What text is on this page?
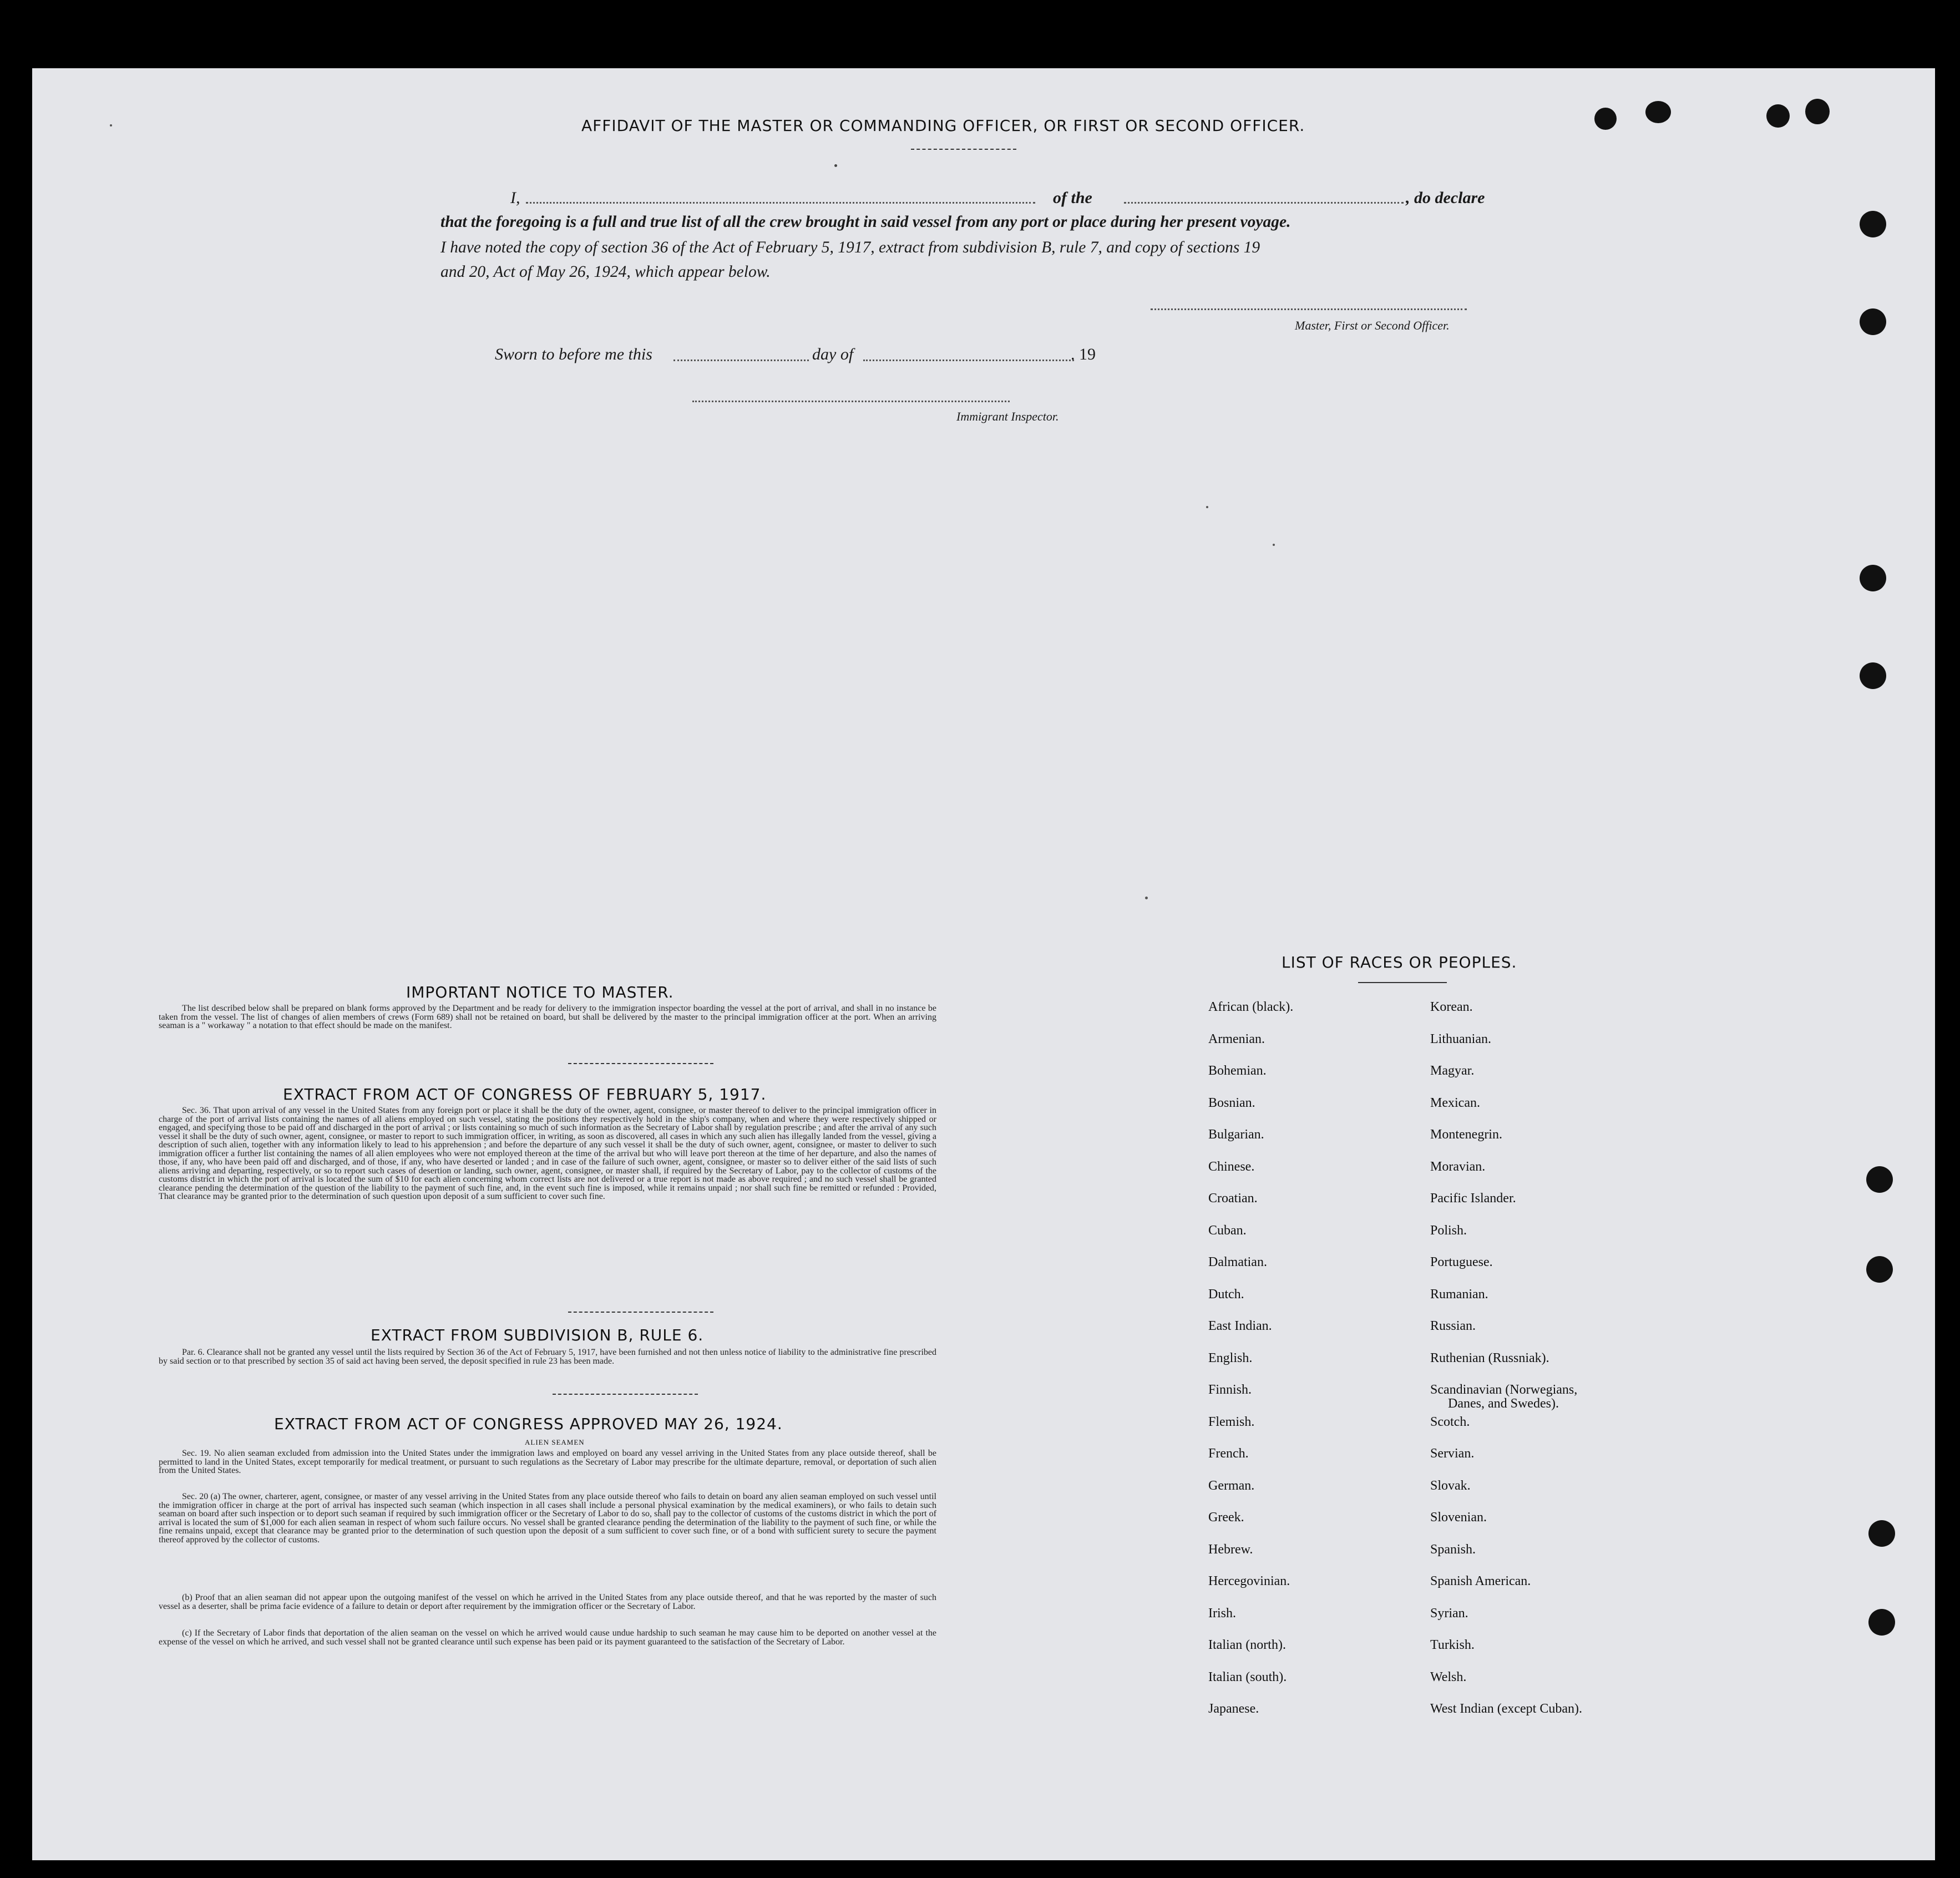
AFFIDAVIT OF THE MASTER OR COMMANDING OFFICER, OR FIRST OR SECOND OFFICER.
I,	of the	, do declare
that the foregoing is a full and true list of all the crew brought in said vessel from any port or place during her present voyage.
I have noted the copy of section 36 of the Act of February 5, 1917, extract from subdivision B, rule 7, and copy of sections 19
and 20, Act of May 26, 1924, which appear below.
Master, First or Second Officer.
Sworn to before me this	day of	. 19
Immigrant Inspector.
IMPORTANT NOTICE TO MASTER.
The list described below shall be prepared on blank forms approved by the Department and be ready for delivery to the immigration inspector boarding the vessel at the port of arrival, and shall in no instance be taken from the vessel. The list of changes of alien members of crews (Form 689) shall not be retained on board, but shall be delivered by the master to the principal immigration officer at the port. When an arriving seaman is a " workaway " a notation to that effect should be made on the manifest.
EXTRACT FROM ACT OF CONGRESS OF FEBRUARY 5, 1917.
Sec. 36. That upon arrival of any vessel in the United States from any foreign port or place it shall be the duty of the owner, agent, consignee, or master thereof to deliver to the principal immigration officer in charge of the port of arrival lists containing the names of all aliens employed on such vessel, stating the positions they respectively hold in the ship's company, when and where they were respectively shipped or engaged, and specifying those to be paid off and discharged in the port of arrival ; or lists containing so much of such information as the Secretary of Labor shall by regulation prescribe ; and after the arrival of any such vessel it shall be the duty of such owner, agent, consignee, or master to report to such immigration officer, in writing, as soon as discovered, all cases in which any such alien has illegally landed from the vessel, giving a description of such alien, together with any information likely to lead to his apprehension ; and before the departure of any such vessel it shall be the duty of such owner, agent, consignee, or master to deliver to such immigration officer a further list containing the names of all alien employees who were not employed thereon at the time of the arrival but who will leave port thereon at the time of her departure, and also the names of those, if any, who have been paid off and discharged, and of those, if any, who have deserted or landed ; and in case of the failure of such owner, agent, consignee, or master so to deliver either of the said lists of such aliens arriving and departing, respectively, or so to report such cases of desertion or landing, such owner, agent, consignee, or master shall, if required by the Secretary of Labor, pay to the collector of customs of the customs district in which the port of arrival is located the sum of $10 for each alien concerning whom correct lists are not delivered or a true report is not made as above required ; and no such vessel shall be granted clearance pending the determination of the question of the liability to the payment of such fine, and, in the event such fine is imposed, while it remains unpaid ; nor shall such fine be remitted or refunded : Provided, That clearance may be granted prior to the determination of such question upon deposit of a sum sufficient to cover such fine.
EXTRACT FROM SUBDIVISION B, RULE 6.
Par. 6. Clearance shall not be granted any vessel until the lists required by Section 36 of the Act of February 5, 1917, have been furnished and not then unless notice of liability to the administrative fine prescribed by said section or to that prescribed by section 35 of said act having been served, the deposit specified in rule 23 has been made.
EXTRACT FROM ACT OF CONGRESS APPROVED MAY 26, 1924.
ALIEN SEAMEN
Sec. 19. No alien seaman excluded from admission into the United States under the immigration laws and employed on board any vessel arriving in the United States from any place outside thereof, shall be permitted to land in the United States, except temporarily for medical treatment, or pursuant to such regulations as the Secretary of Labor may prescribe for the ultimate departure, removal, or deportation of such alien from the United States.
Sec. 20 (a) The owner, charterer, agent, consignee, or master of any vessel arriving in the United States from any place outside thereof who fails to detain on board any alien seaman employed on such vessel until the immigration officer in charge at the port of arrival has inspected such seaman (which inspection in all cases shall include a personal physical examination by the medical examiners), or who fails to detain such seaman on board after such inspection or to deport such seaman if required by such immigration officer or the Secretary of Labor to do so, shall pay to the collector of customs of the customs district in which the port of arrival is located the sum of $1,000 for each alien seaman in respect of whom such failure occurs. No vessel shall be granted clearance pending the determination of the liability to the payment of such fine, or while the fine remains unpaid, except that clearance may be granted prior to the determination of such question upon the deposit of a sum sufficient to cover such fine, or of a bond with sufficient surety to secure the payment thereof approved by the collector of customs.
(b) Proof that an alien seaman did not appear upon the outgoing manifest of the vessel on which he arrived in the United States from any place outside thereof, and that he was reported by the master of such vessel as a deserter, shall be prima facie evidence of a failure to detain or deport after requirement by the immigration officer or the Secretary of Labor.
(c) If the Secretary of Labor finds that deportation of the alien seaman on the vessel on which he arrived would cause undue hardship to such seaman he may cause him to be deported on another vessel at the expense of the vessel on which he arrived, and such vessel shall not be granted clearance until such expense has been paid or its payment guaranteed to the satisfaction of the Secretary of Labor.
LIST OF RACES OR PEOPLES.
African (black).
Armenian.
Bohemian.
Bosnian.
Bulgarian.
Chinese.
Croatian.
Cuban.
Dalmatian.
Dutch.
East Indian.
English.
Finnish.
Flemish.
French.
German.
Greek.
Hebrew.
Hercegovinian.
Irish.
Italian (north).
Italian (south).
Japanese.
Korean.
Lithuanian.
Magyar.
Mexican.
Montenegrin.
Moravian.
Pacific Islander.
Polish.
Portuguese.
Rumanian.
Russian.
Ruthenian (Russniak).
Scandinavian (Norwegians,
Scotch.
Servian.
Slovak.
Slovenian.
Spanish.
Spanish American.
Syrian.
Turkish.
Welsh.
West Indian (except Cuban).
Danes, and Swedes).
